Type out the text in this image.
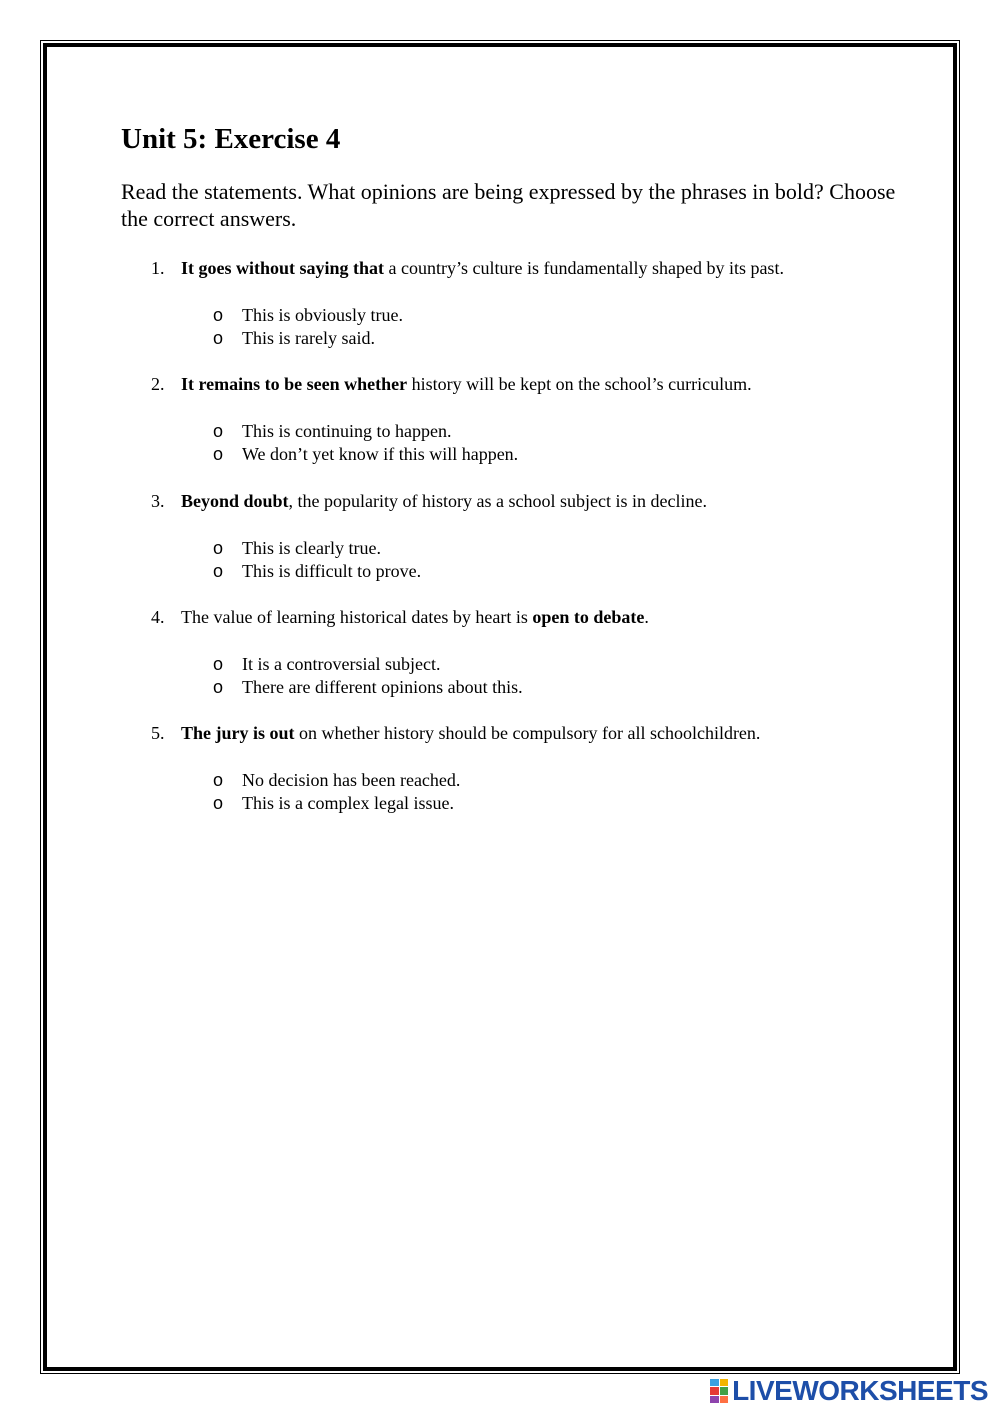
Unit 5: Exercise 4

Read the statements. What opinions are being expressed by the phrases in bold? Choose the correct answers.

1. It goes without saying that a country’s culture is fundamentally shaped by its past.
o This is obviously true.
o This is rarely said.
2. It remains to be seen whether history will be kept on the school’s curriculum.
o This is continuing to happen.
o We don’t yet know if this will happen.
3. Beyond doubt, the popularity of history as a school subject is in decline.
o This is clearly true.
o This is difficult to prove.
4. The value of learning historical dates by heart is open to debate.
o It is a controversial subject.
o There are different opinions about this.
5. The jury is out on whether history should be compulsory for all schoolchildren.
o No decision has been reached.
o This is a complex legal issue.
LIVEWORKSHEETS
